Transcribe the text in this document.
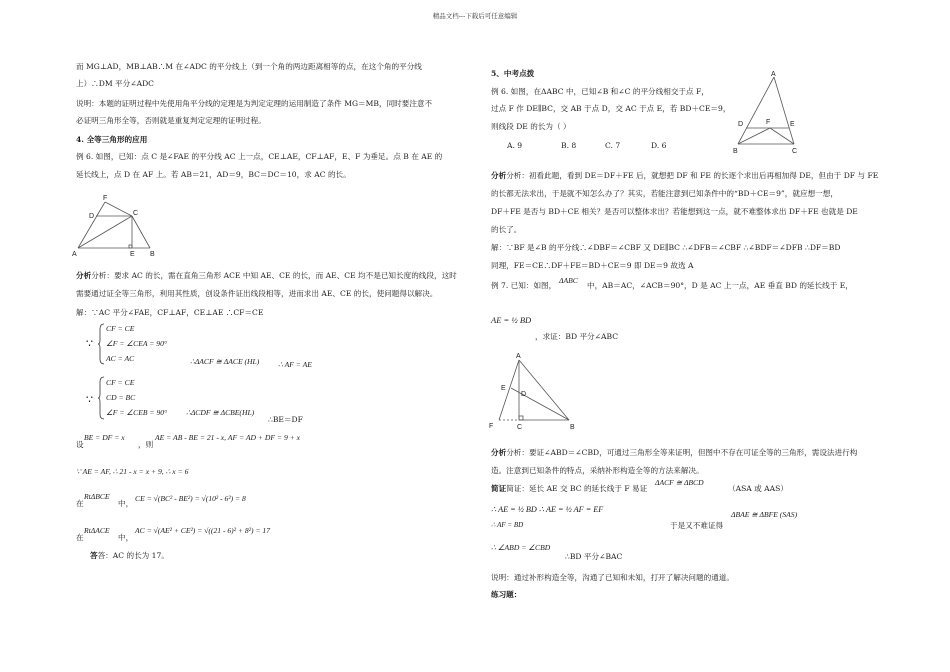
精品文档---下载后可任意编辑
而 MG⊥AD，MB⊥AB∴M 在∠ADC 的平分线上（到一个角的两边距离相等的点，在这个角的平分线
上）∴DM 平分∠ADC
说明：本题的证明过程中先使用角平分线的定理是为判定定理的运用制造了条件 MG＝MB，同时要注意不
必证明三角形全等，否则就是重复判定定理的证明过程。
4. 全等三角形的应用
例 6. 如图，已知：点 C 是∠FAE 的平分线 AC 上一点，CE⊥AE，CF⊥AF，E、F 为垂足。点 B 在 AE 的
延长线上，点 D 在 AF 上。若 AB＝21，AD＝9，BC＝DC＝10，求 AC 的长。
F
D	C
A	E B
分析分析：要求 AC 的长，需在直角三角形 ACE 中知 AE、CE 的长，而 AE、CE 均不是已知长度的线段，这时
需要通过证全等三角形，利用其性质，创设条件证出线段相等，进而求出 AE、CE 的长，使问题得以解决。
解：∵AC 平分∠FAE，CF⊥AF，CE⊥AE ∴CF＝CE
∵
CF = CE
∠F = ∠CEA = 90°
AC = AC	∴ΔACF ≅ ΔACE (HL) ∴ AF = AE
∵
CF = CE
CD = BC
∠F = ∠CEB = 90° ∴ΔCDF ≅ ΔCBE(HL)
∴BE＝DF
设
BE = DF = x
，则
AE = AB - BE = 21 - x, AF = AD + DF = 9 + x
∵ AE = AF, ∴ 21 - x = x + 9, ∴ x = 6
在
RtΔBCE
中，
CE = √(BC² - BE²) = √(10² - 6²) = 8
在
RtΔACE
中，
AC = √(AE² + CE²) = √((21 - 6)² + 8²) = 17
答答：AC 的长为 17。
5、中考点拨
例 6. 如图，在ΔABC 中，已知∠B 和∠C 的平分线相交于点 F，
过点 F 作 DE∥BC，交 AB 于点 D，交 AC 于点 E，若 BD＋CE＝9，
则线段 DE 的长为（ ）
A. 9	B. 8	C. 7	D. 6
A
D	F	E
B	C
分析分析：初看此题，看到 DE＝DF＋FE 后，就想把 DF 和 FE 的长逐个求出后再相加得 DE，但由于 DF 与 FE
的长都无法求出，于是就不知怎么办了？其实，若能注意到已知条件中的“BD＋CE＝9”，就应想一想，
DF＋FE 是否与 BD＋CE 相关？是否可以整体求出？若能想到这一点，就不难整体求出 DF＋FE 也就是 DE
的长了。
解：∵BF 是∠B 的平分线∴∠DBF＝∠CBF 又 DE∥BC ∴∠DFB＝∠CBF ∴∠BDF＝∠DFB ∴DF＝BD
同理，FE＝CE∴DF＋FE＝BD＋CE＝9 即 DE＝9 故选 A
例 7. 已知：如图，
ΔABC
中，AB＝AC，∠ACB＝90°，D 是 AC 上一点，AE 垂直 BD 的延长线于 E，
AE = ½ BD
，求证：BD 平分∠ABC
A
E
D
F	C	B
分析分析：要证∠ABD＝∠CBD，可通过三角形全等来证明，但图中不存在可证全等的三角形，需设法进行构
造。注意到已知条件的特点，采纳补形构造全等的方法来解决。
简证简证：延长 AE 交 BC 的延长线于 F 易证
ΔACF ≅ ΔBCD
（ASA 或 AAS）
∴ AE = ½ BD ∴ AE = ½ AF = EF
∴ AF = BD	于是又不难证得
ΔBAE ≅ ΔBFE (SAS)
∴ ∠ABD = ∠CBD
∴BD 平分∠BAC
说明：通过补形构造全等，沟通了已知和未知，打开了解决问题的通道。
练习题：
